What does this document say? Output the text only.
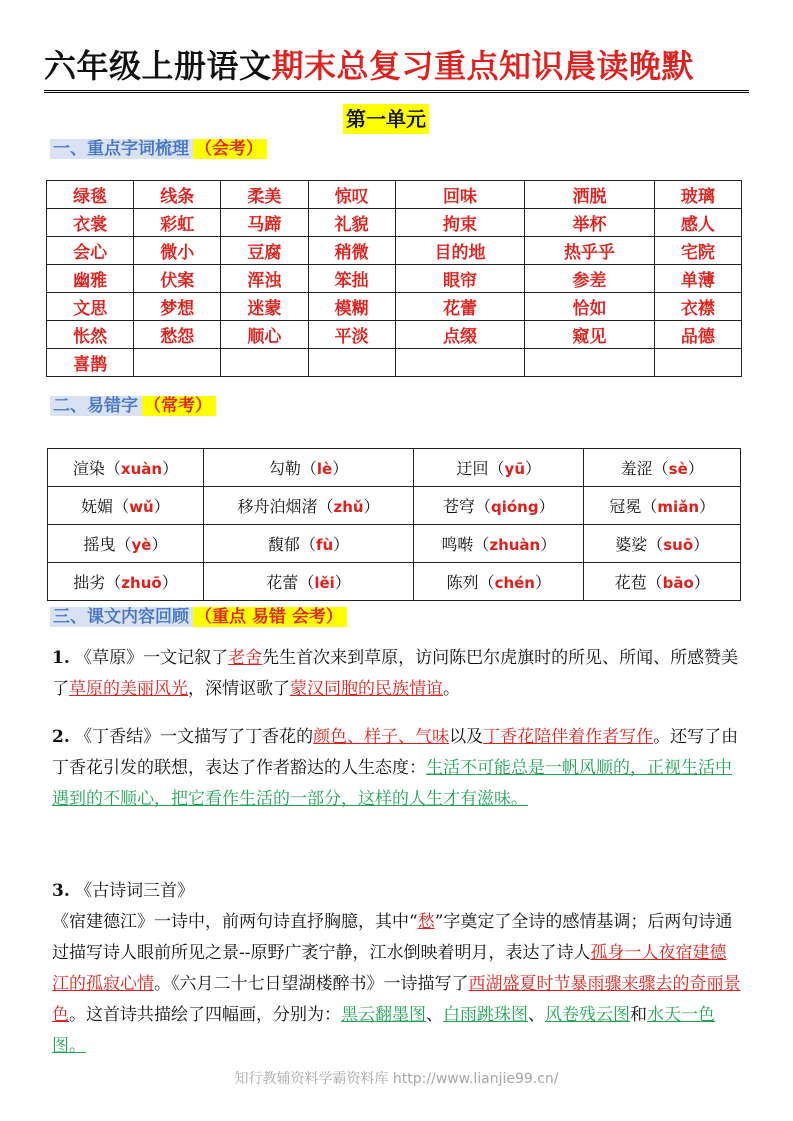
六年级上册语文期末总复习重点知识晨读晚默
第一单元
一、重点字词梳理 （会考）
绿毯	线条	柔美	惊叹	回味	洒脱	玻璃
衣裳	彩虹	马蹄	礼貌	拘束	举杯	感人
会心	微小	豆腐	稍微	目的地	热乎乎	宅院
幽雅	伏案	浑浊	笨拙	眼帘	参差	单薄
文思	梦想	迷蒙	模糊	花蕾	恰如	衣襟
怅然	愁怨	顺心	平淡	点缀	窥见	品德
喜鹊						
二、易错字 （常考）
渲染（xuàn）	勾勒（lè）	迂回（yū）	羞涩（sè）
妩媚（wǔ）	移舟泊烟渚（zhǔ）	苍穹（qióng）	冠冕（miǎn）
摇曳（yè）	馥郁（fù）	鸣啭（zhuàn）	婆娑（suō）
拙劣（zhuō）	花蕾（lěi）	陈列（chén）	花苞（bāo）
三、课文内容回顾 （重点 易错 会考）
1. 《草原》一文记叙了老舍先生首次来到草原，访问陈巴尔虎旗时的所见、所闻、所感赞美了草原的美丽风光，深情讴歌了蒙汉同胞的民族情谊。
2. 《丁香结》一文描写了丁香花的颜色、样子、气味以及丁香花陪伴着作者写作。还写了由丁香花引发的联想，表达了作者豁达的人生态度：生活不可能总是一帆风顺的，正视生活中遇到的不顺心，把它看作生活的一部分，这样的人生才有滋味。
3. 《古诗词三首》
《宿建德江》一诗中，前两句诗直抒胸臆，其中“愁”字奠定了全诗的感情基调；后两句诗通过描写诗人眼前所见之景--原野广袤宁静，江水倒映着明月，表达了诗人孤身一人夜宿建德江的孤寂心情。《六月二十七日望湖楼醉书》一诗描写了西湖盛夏时节暴雨骤来骤去的奇丽景色。这首诗共描绘了四幅画，分别为：黑云翻墨图、白雨跳珠图、风卷残云图和水天一色图。
知行教辅资料学霸资料库 http://www.lianjie99.cn/
